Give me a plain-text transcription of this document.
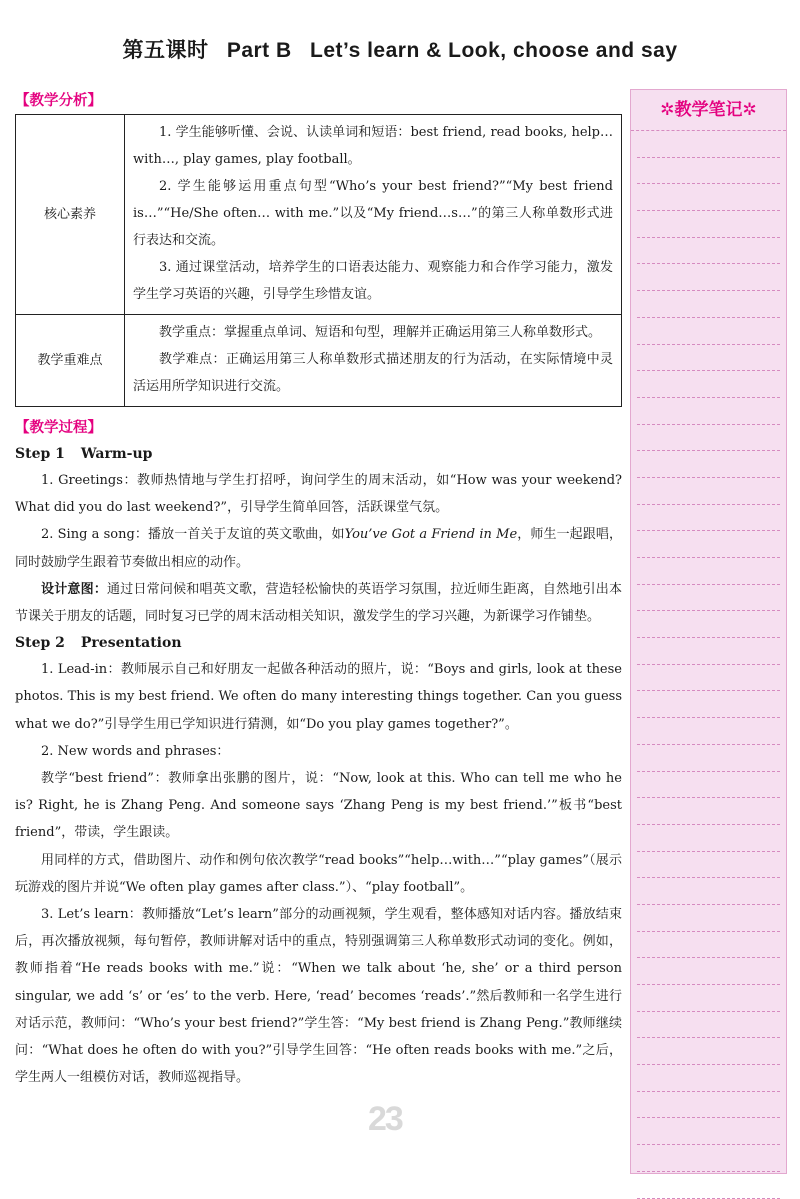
第五课时 Part B Let’s learn & Look, choose and say
【教学分析】
核心素养	1. 学生能够听懂、会说、认读单词和短语：best friend, read books, help…with…, play games, play football。

2. 学生能够运用重点句型“Who’s your best friend?”“My best friend is…”“He/She often… with me.”以及“My friend…s…”的第三人称单数形式进行表达和交流。

3. 通过课堂活动，培养学生的口语表达能力、观察能力和合作学习能力，激发学生学习英语的兴趣，引导学生珍惜友谊。

教学重难点	教学重点：掌握重点单词、短语和句型，理解并正确运用第三人称单数形式。

教学难点：正确运用第三人称单数形式描述朋友的行为活动，在实际情境中灵活运用所学知识进行交流。

【教学过程】
Step 1 Warm-up

1. Greetings：教师热情地与学生打招呼，询问学生的周末活动，如“How was your weekend? What did you do last weekend?”，引导学生简单回答，活跃课堂气氛。

2. Sing a song：播放一首关于友谊的英文歌曲，如You’ve Got a Friend in Me，师生一起跟唱，同时鼓励学生跟着节奏做出相应的动作。

设计意图：通过日常问候和唱英文歌，营造轻松愉快的英语学习氛围，拉近师生距离，自然地引出本节课关于朋友的话题，同时复习已学的周末活动相关知识，激发学生的学习兴趣，为新课学习作铺垫。

Step 2 Presentation

1. Lead-in：教师展示自己和好朋友一起做各种活动的照片，说：“Boys and girls, look at these photos. This is my best friend. We often do many interesting things together. Can you guess what we do?”引导学生用已学知识进行猜测，如“Do you play games together?”。

2. New words and phrases：

教学“best friend”：教师拿出张鹏的图片，说：“Now, look at this. Who can tell me who he is? Right, he is Zhang Peng. And someone says ‘Zhang Peng is my best friend.’”板书“best friend”，带读，学生跟读。

用同样的方式，借助图片、动作和例句依次教学“read books”“help…with…”“play games”（展示玩游戏的图片并说“We often play games after class.”）、“play football”。

3. Let’s learn：教师播放“Let’s learn”部分的动画视频，学生观看，整体感知对话内容。播放结束后，再次播放视频，每句暂停，教师讲解对话中的重点，特别强调第三人称单数形式动词的变化。例如，教师指着“He reads books with me.”说：“When we talk about ‘he, she’ or a third person singular, we add ‘s’ or ‘es’ to the verb. Here, ‘read’ becomes ‘reads’.”然后教师和一名学生进行对话示范，教师问：“Who’s your best friend?”学生答：“My best friend is Zhang Peng.”教师继续问：“What does he often do with you?”引导学生回答：“He often reads books with me.”之后，学生两人一组模仿对话，教师巡视指导。

✲教学笔记✲
23
